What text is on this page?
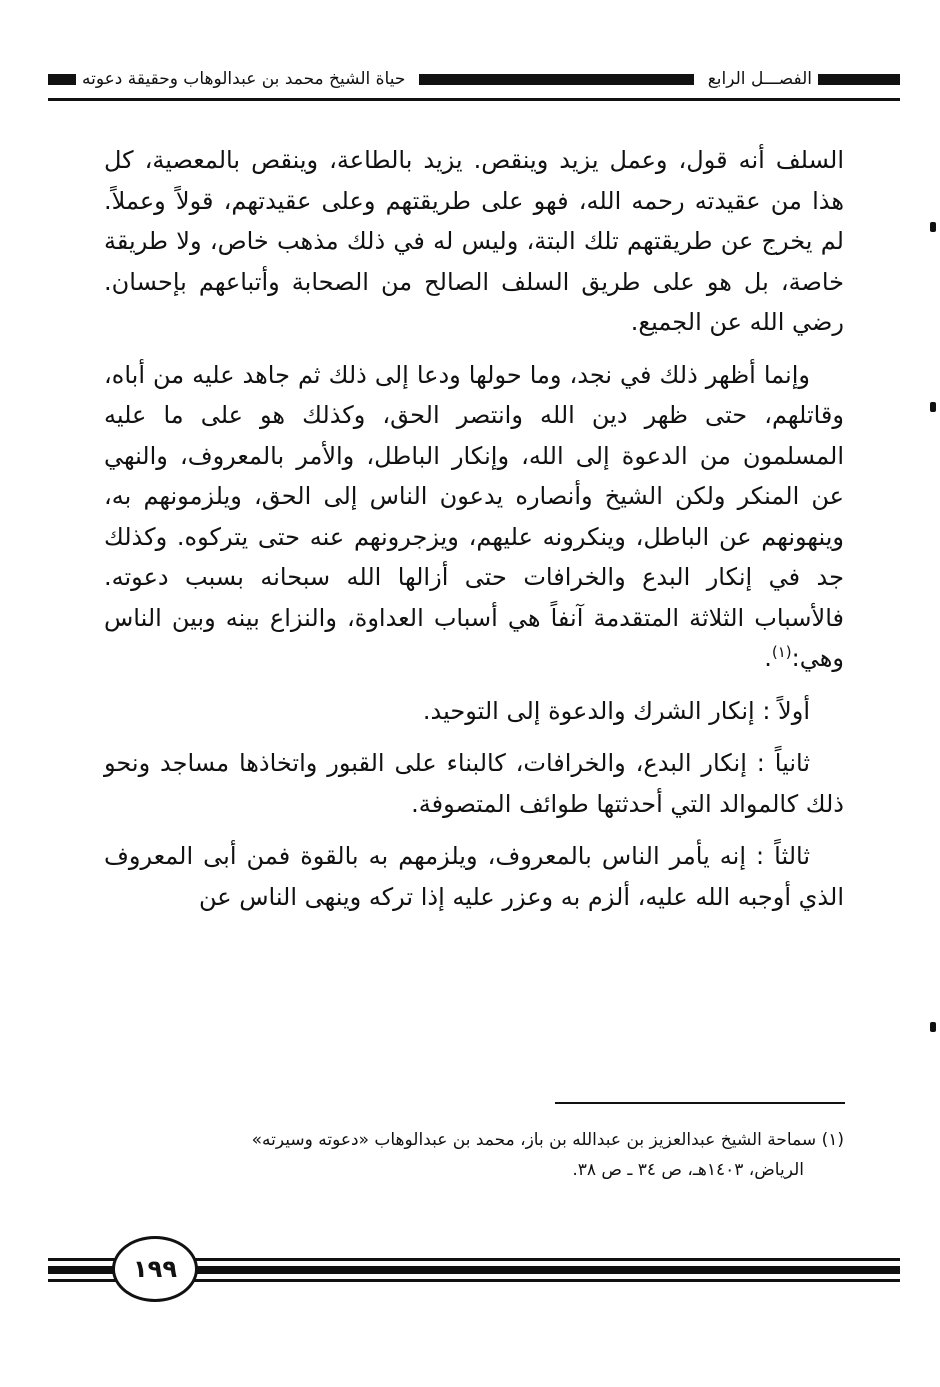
حياة الشيخ محمد بن عبدالوهاب وحقيقة دعوته	الفصـــل الرابع

السلف أنه قول، وعمل يزيد وينقص. يزيد بالطاعة، وينقص بالمعصية، كل هذا من عقيدته رحمه الله، فهو على طريقتهم وعلى عقيدتهم، قولاً وعملاً. لم يخرج عن طريقتهم تلك البتة، وليس له في ذلك مذهب خاص، ولا طريقة خاصة، بل هو على طريق السلف الصالح من الصحابة وأتباعهم بإحسان. رضي الله عن الجميع.

وإنما أظهر ذلك في نجد، وما حولها ودعا إلى ذلك ثم جاهد عليه من أباه، وقاتلهم، حتى ظهر دين الله وانتصر الحق، وكذلك هو على ما عليه المسلمون من الدعوة إلى الله، وإنكار الباطل، والأمر بالمعروف، والنهي عن المنكر ولكن الشيخ وأنصاره يدعون الناس إلى الحق، ويلزمونهم به، وينهونهم عن الباطل، وينكرونه عليهم، ويزجرونهم عنه حتى يتركوه. وكذلك جد في إنكار البدع والخرافات حتى أزالها الله سبحانه بسبب دعوته. فالأسباب الثلاثة المتقدمة آنفاً هي أسباب العداوة، والنزاع بينه وبين الناس وهي:$^{(١)}$.

أولاً : إنكار الشرك والدعوة إلى التوحيد.

ثانياً : إنكار البدع، والخرافات، كالبناء على القبور واتخاذها مساجد ونحو ذلك كالموالد التي أحدثتها طوائف المتصوفة.

ثالثاً : إنه يأمر الناس بالمعروف، ويلزمهم به بالقوة فمن أبى المعروف الذي أوجبه الله عليه، ألزم به وعزر عليه إذا تركه وينهى الناس عن

(١) سماحة الشيخ عبدالعزيز بن عبدالله بن باز، محمد بن عبدالوهاب «دعوته وسيرته»
الرياض، ١٤٠٣هـ، ص ٣٤ ـ ص ٣٨.
١٩٩
